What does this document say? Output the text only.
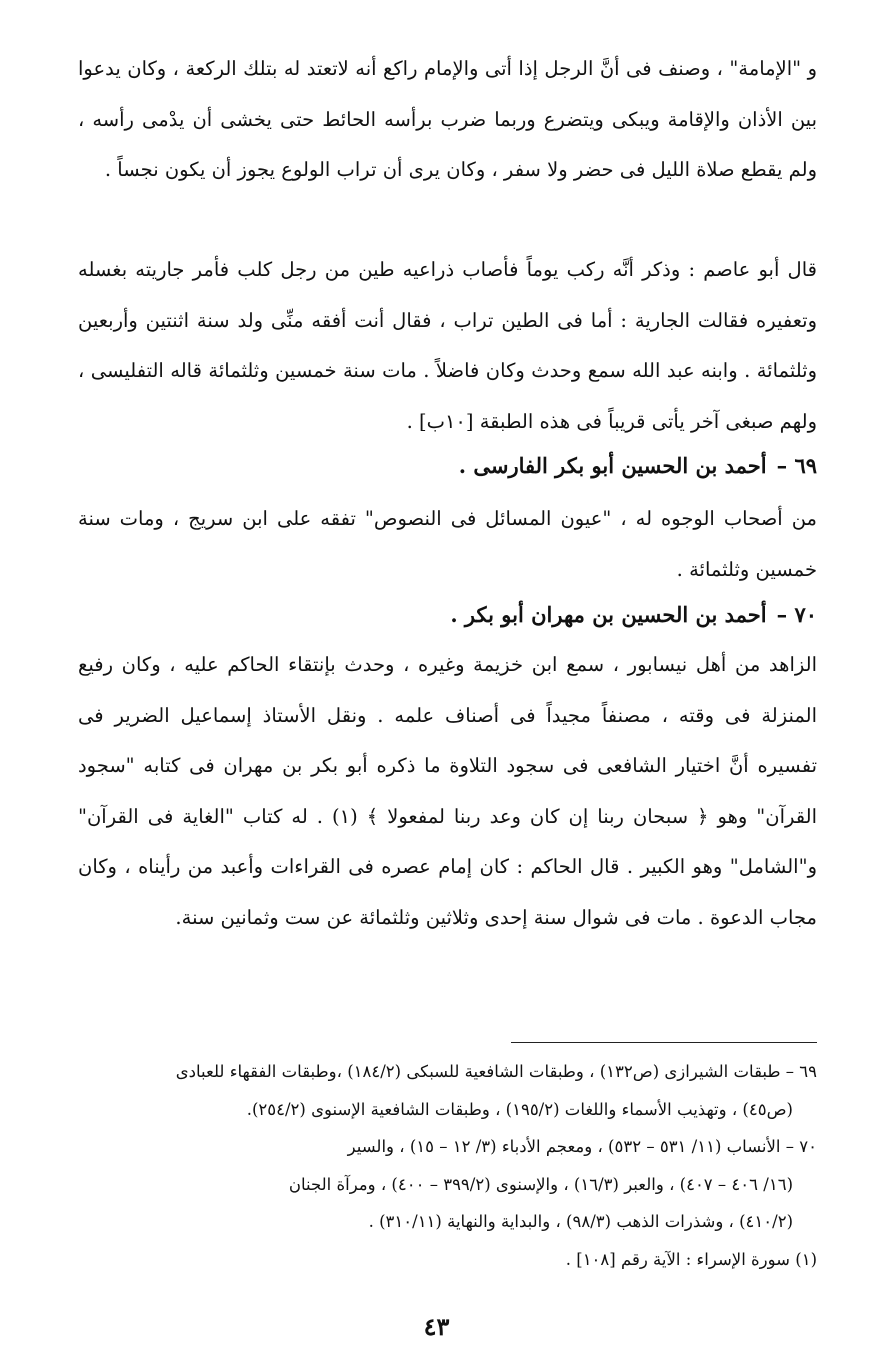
و "الإمامة" ، وصنف فى أنَّ الرجل إذا أتى والإمام راكع أنه لاتعتد له بتلك الركعة ، وكان يدعوا بين الأذان والإقامة ويبكى ويتضرع وربما ضرب برأسه الحائط حتى يخشى أن يدْمى رأسه ، ولم يقطع صلاة الليل فى حضر ولا سفر ، وكان يرى أن تراب الولوع يجوز أن يكون نجساً .

قال أبو عاصم : وذكر أنَّه ركب يوماً فأصاب ذراعيه طين من رجل كلب فأمر جاريته بغسله وتعفيره فقالت الجارية : أما فى الطين تراب ، فقال أنت أفقه منِّى ولد سنة اثنتين وأربعين وثلثمائة . وابنه عبد الله سمع وحدث وكان فاضلاً . مات سنة خمسين وثلثمائة قاله التفليسى ، ولهم صبغى آخر يأتى قريباً فى هذه الطبقة [١٠ب] .

٦٩ –أحمد بن الحسين أبو بكر الفارسى .

من أصحاب الوجوه له ، "عيون المسائل فى النصوص" تفقه على ابن سريج ، ومات سنة خمسين وثلثمائة .

٧٠ –أحمد بن الحسين بن مهران أبو بكر .

الزاهد من أهل نيسابور ، سمع ابن خزيمة وغيره ، وحدث بإنتقاء الحاكم عليه ، وكان رفيع المنزلة فى وقته ، مصنفاً مجيداً فى أصناف علمه . ونقل الأستاذ إسماعيل الضرير فى تفسيره أنَّ اختيار الشافعى فى سجود التلاوة ما ذكره أبو بكر بن مهران فى كتابه "سجود القرآن" وهو ﴿ سبحان ربنا إن كان وعد ربنا لمفعولا ﴾ (١) . له كتاب "الغاية فى القرآن" و"الشامل" وهو الكبير . قال الحاكم : كان إمام عصره فى القراءات وأعبد من رأيناه ، وكان مجاب الدعوة . مات فى شوال سنة إحدى وثلاثين وثلثمائة عن ست وثمانين سنة.

٦٩ – طبقات الشيرازى (ص١٣٢) ، وطبقات الشافعية للسبكى (١٨٤/٢) ،وطبقات الفقهاء للعبادى

(ص٤٥) ، وتهذيب الأسماء واللغات (١٩٥/٢) ، وطبقات الشافعية الإسنوى (٢٥٤/٢).

٧٠ – الأنساب (١١/ ٥٣١ – ٥٣٢) ، ومعجم الأدباء (٣/ ١٢ – ١٥) ، والسير

(١٦/ ٤٠٦ – ٤٠٧) ، والعبر (١٦/٣) ، والإسنوى (٣٩٩/٢ – ٤٠٠) ، ومرآة الجنان

(٤١٠/٢) ، وشذرات الذهب (٩٨/٣) ، والبداية والنهاية (٣١٠/١١) .

(١) سورة الإسراء : الآية رقم [١٠٨] .

٤٣
